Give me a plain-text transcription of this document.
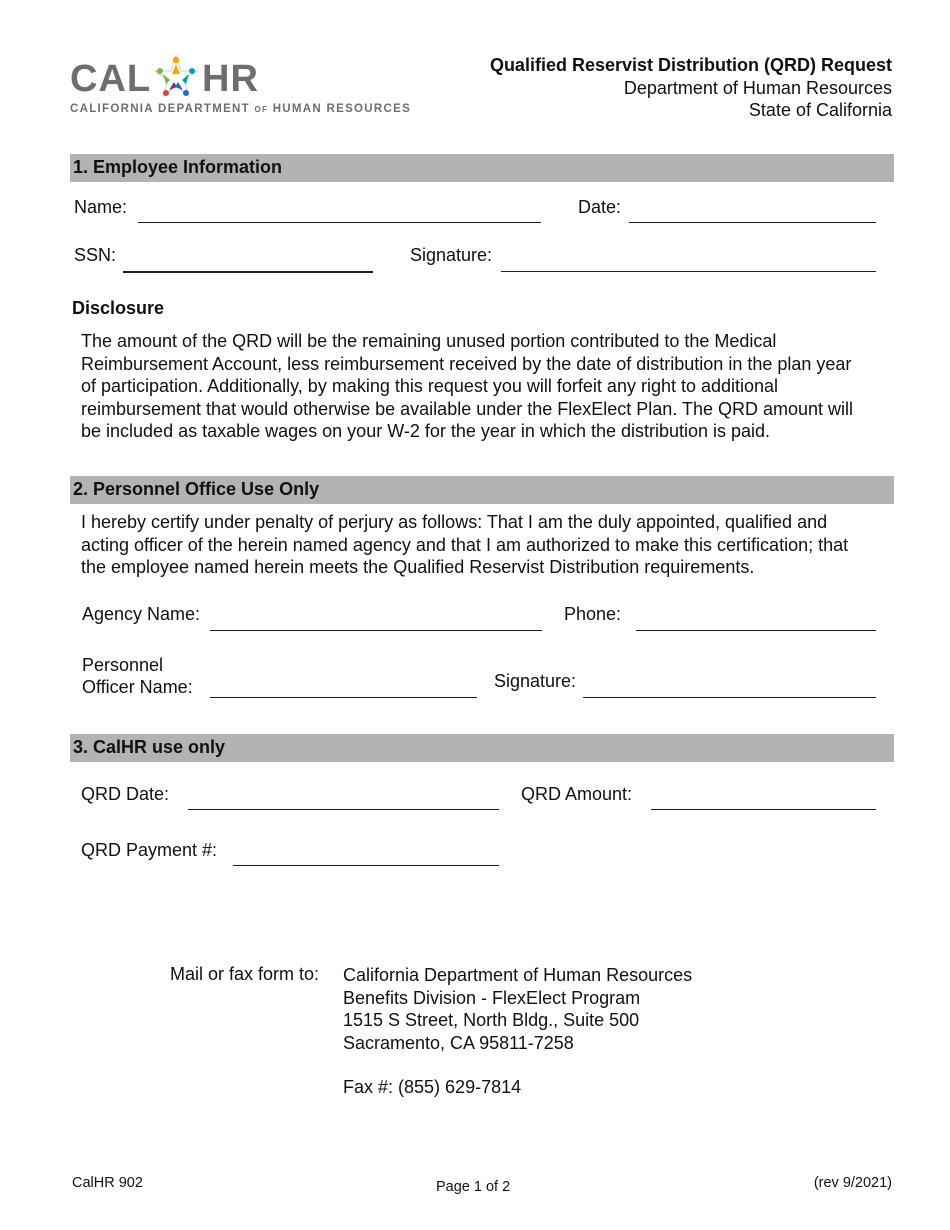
CAL HR
CALIFORNIA DEPARTMENT OF HUMAN RESOURCES
Qualified Reservist Distribution (QRD) Request
Department of Human Resources
State of California
1. Employee Information
Name:	Date:
SSN:	Signature:
Disclosure
The amount of the QRD will be the remaining unused portion contributed to the Medical
Reimbursement Account, less reimbursement received by the date of distribution in the plan year
of participation. Additionally, by making this request you will forfeit any right to additional
reimbursement that would otherwise be available under the FlexElect Plan. The QRD amount will
be included as taxable wages on your W-2 for the year in which the distribution is paid.
2. Personnel Office Use Only
I hereby certify under penalty of perjury as follows: That I am the duly appointed, qualified and
acting officer of the herein named agency and that I am authorized to make this certification; that
the employee named herein meets the Qualified Reservist Distribution requirements.
Agency Name:	Phone:
Personnel
Officer Name:	Signature:
3. CalHR use only
QRD Date:	QRD Amount:
QRD Payment #:
Mail or fax form to: California Department of Human Resources
Benefits Division - FlexElect Program
1515 S Street, North Bldg., Suite 500
Sacramento, CA 95811-7258
Fax #: (855) 629-7814
CalHR 902	Page 1 of 2	(rev 9/2021)
